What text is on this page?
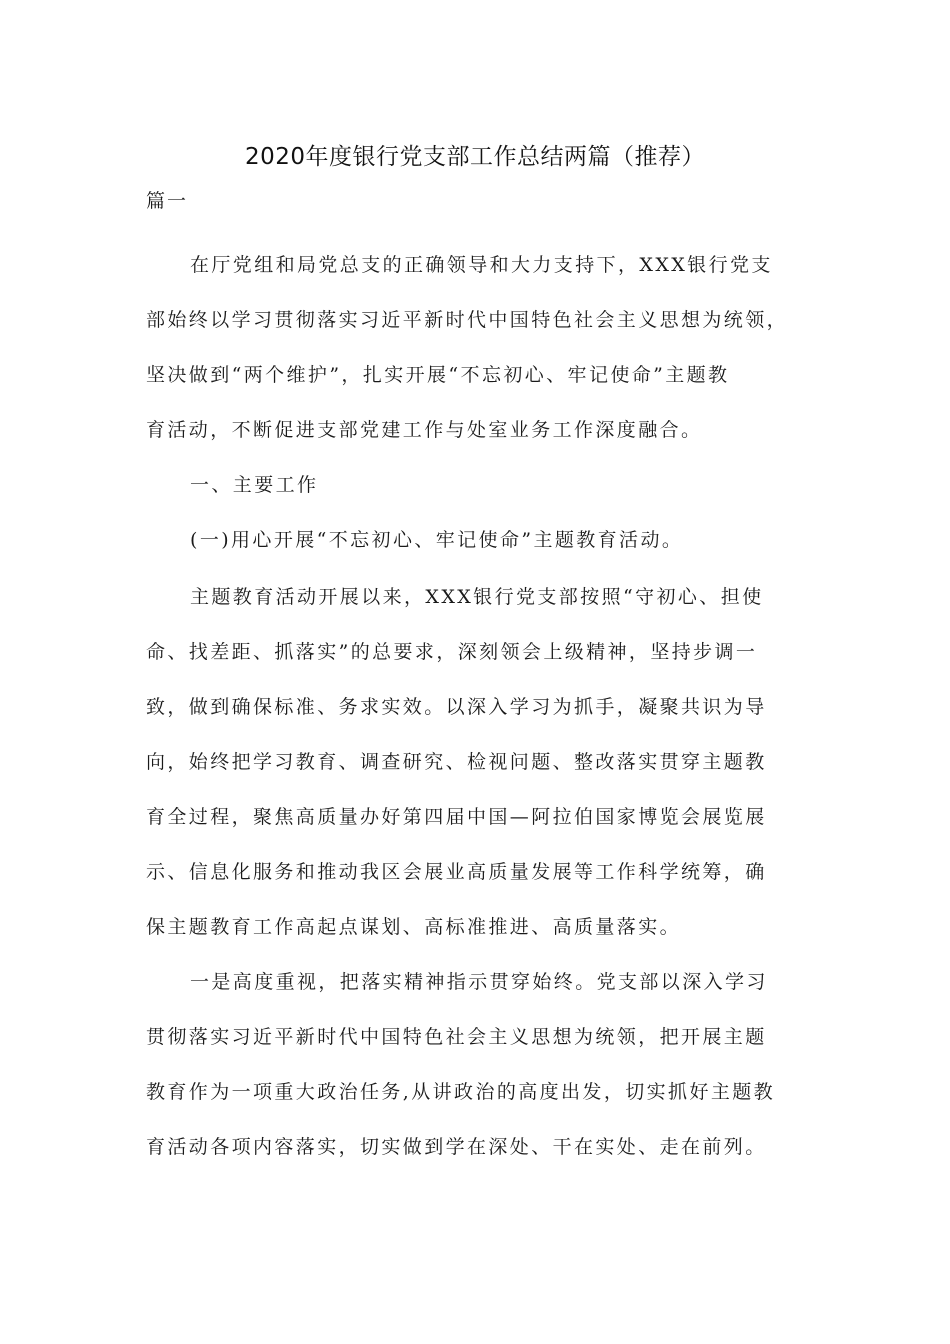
2020年度银行党支部工作总结两篇（推荐）
篇一
在厅党组和局党总支的正确领导和大力支持下，XXX银行党支
部始终以学习贯彻落实习近平新时代中国特色社会主义思想为统领，
坚决做到“两个维护”，扎实开展“不忘初心、牢记使命”主题教
育活动，不断促进支部党建工作与处室业务工作深度融合。
一、主要工作
(一)用心开展“不忘初心、牢记使命”主题教育活动。
主题教育活动开展以来，XXX银行党支部按照“守初心、担使
命、找差距、抓落实”的总要求，深刻领会上级精神，坚持步调一
致，做到确保标准、务求实效。以深入学习为抓手，凝聚共识为导
向，始终把学习教育、调查研究、检视问题、整改落实贯穿主题教
育全过程，聚焦高质量办好第四届中国—阿拉伯国家博览会展览展
示、信息化服务和推动我区会展业高质量发展等工作科学统筹，确
保主题教育工作高起点谋划、高标准推进、高质量落实。
一是高度重视，把落实精神指示贯穿始终。党支部以深入学习
贯彻落实习近平新时代中国特色社会主义思想为统领，把开展主题
教育作为一项重大政治任务,从讲政治的高度出发，切实抓好主题教
育活动各项内容落实，切实做到学在深处、干在实处、走在前列。
